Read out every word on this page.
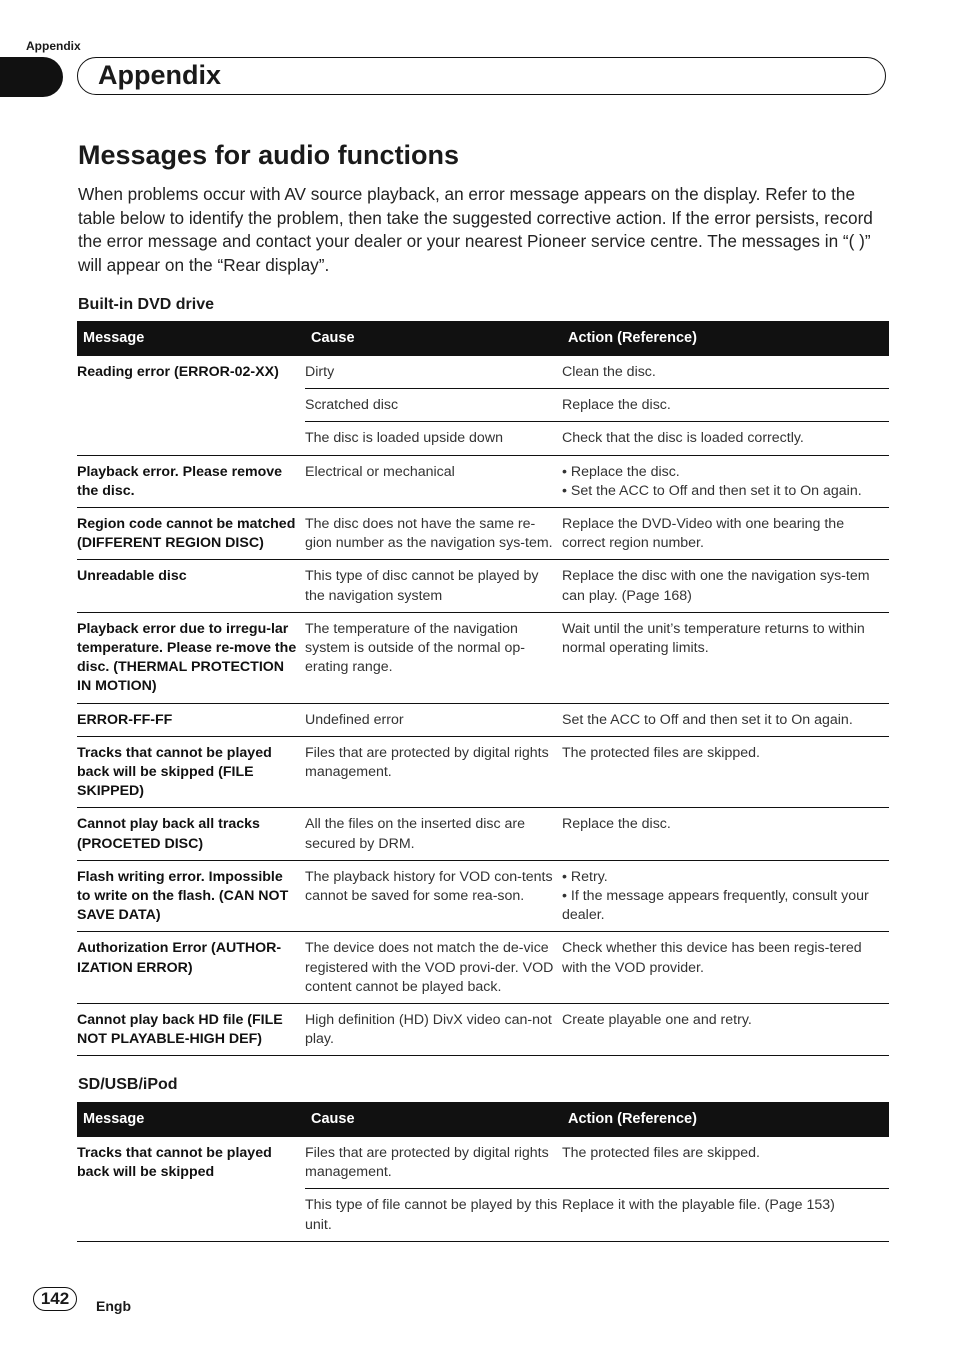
Appendix
Appendix
Messages for audio functions

When problems occur with AV source playback, an error message appears on the display. Refer to the table below to identify the problem, then take the suggested corrective action. If the error persists, record the error message and contact your dealer or your nearest Pioneer service centre. The messages in “( )” will appear on the “Rear display”.

Built-in DVD drive
Message	Cause	Action (Reference)
Reading error (ERROR-02-XX)	Dirty	Clean the disc.
	Scratched disc	Replace the disc.
	The disc is loaded upside down	Check that the disc is loaded correctly.
Playback error. Please remove the disc.	Electrical or mechanical	• Replace the disc.
• Set the ACC to Off and then set it to On again.
Region code cannot be matched (DIFFERENT REGION DISC)	The disc does not have the same re-gion number as the navigation sys-tem.	Replace the DVD-Video with one bearing the correct region number.
Unreadable disc	This type of disc cannot be played by the navigation system	Replace the disc with one the navigation sys-tem can play. (Page 168)
Playback error due to irregu-lar temperature. Please re-move the disc. (THERMAL PROTECTION IN MOTION)	The temperature of the navigation system is outside of the normal op-erating range.	Wait until the unit’s temperature returns to within normal operating limits.
ERROR-FF-FF	Undefined error	Set the ACC to Off and then set it to On again.
Tracks that cannot be played back will be skipped (FILE SKIPPED)	Files that are protected by digital rights management.	The protected files are skipped.
Cannot play back all tracks (PROCETED DISC)	All the files on the inserted disc are secured by DRM.	Replace the disc.
Flash writing error. Impossible to write on the flash. (CAN NOT SAVE DATA)	The playback history for VOD con-tents cannot be saved for some rea-son.	• Retry.
• If the message appears frequently, consult your dealer.
Authorization Error (AUTHOR-IZATION ERROR)	The device does not match the de-vice registered with the VOD provi-der. VOD content cannot be played back.	Check whether this device has been regis-tered with the VOD provider.
Cannot play back HD file (FILE NOT PLAYABLE-HIGH DEF)	High definition (HD) DivX video can-not play.	Create playable one and retry.
SD/USB/iPod
Message	Cause	Action (Reference)
Tracks that cannot be played back will be skipped	Files that are protected by digital rights management.	The protected files are skipped.
	This type of file cannot be played by this unit.	Replace it with the playable file. (Page 153)
142	Engb
